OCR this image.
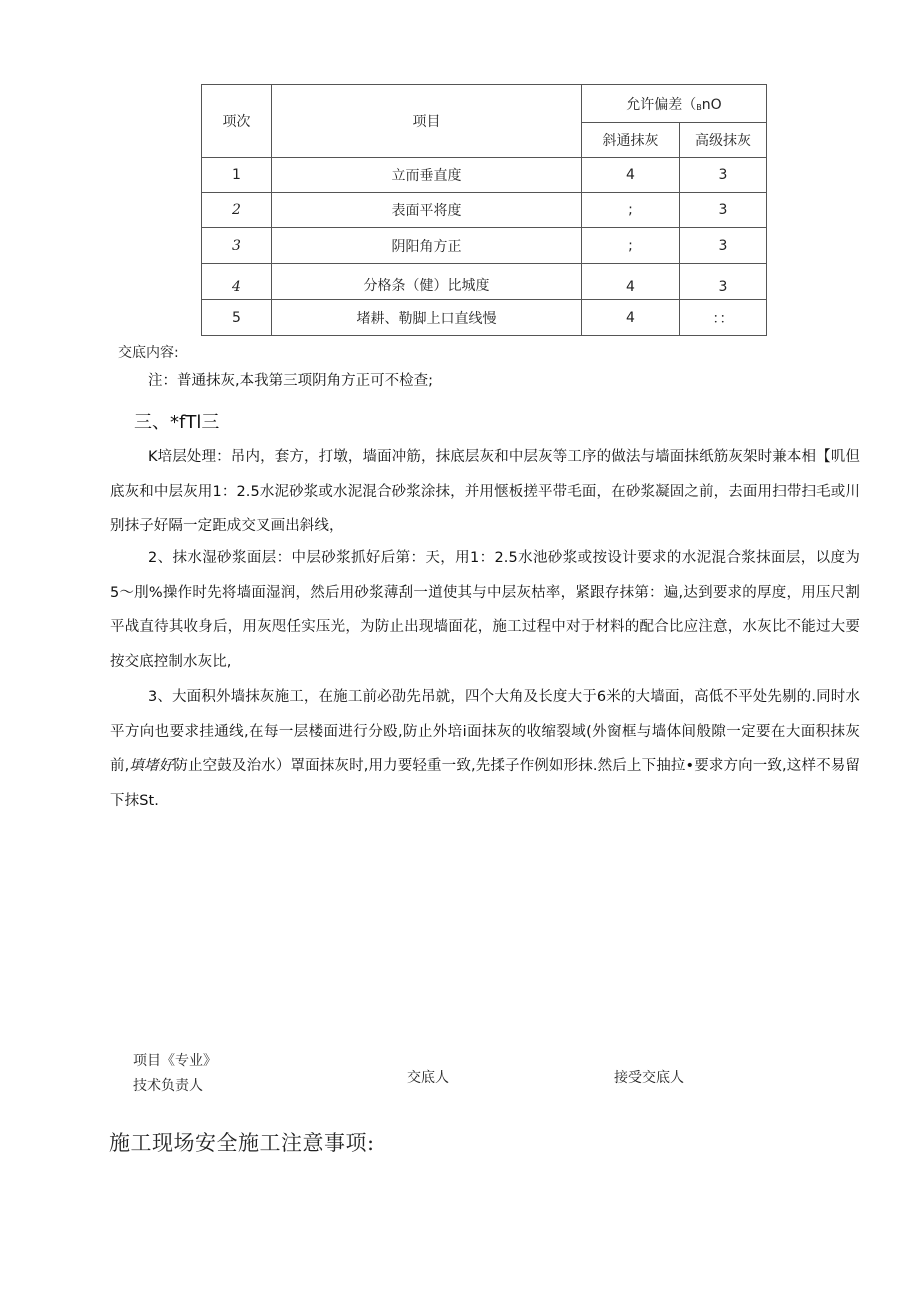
项次	项目	允许偏差（BnO	
		斜通抹灰	高级抹灰
1	立而垂直度	4	3
2	表面平将度	;	3
3	阴阳角方正	;	3
4	分格条（健）比城度	4	3
5	堵耕、勒脚上口直线慢	4	：：
交底内容:
注：普通抹灰,本我第三项阴角方正可不检查;
三、*fTl三
K培层处理：吊内，套方，打墩，墙面冲筋，抹底层灰和中层灰等工序的做法与墙面抹纸筋灰架时兼本相【叽但底灰和中层灰用1：2.5水泥砂浆或水泥混合砂浆涂抹，并用惬板搓平带毛面，在砂浆凝固之前，去面用扫带扫毛或川别抹子好隔一定距成交叉画出斜线，
2、抹水湿砂浆面层：中层砂浆抓好后第：天，用1：2.5水池砂浆或按设计要求的水泥混合浆抹面层，以度为5〜刖%操作时先将墙面湿润，然后用砂浆薄刮一道使其与中层灰枯率，紧跟存抹第：遍,达到要求的厚度，用压尺割平战直待其收身后，用灰咫任实压光，为防止出现墙面花，施工过程中对于材料的配合比应注意，水灰比不能过大要按交底控制水灰比,
3、大面积外墙抹灰施工，在施工前必劭先吊就，四个大角及长度大于6米的大墙面，高低不平处先剔的.同时水平方向也要求挂通线,在每一层楼面进行分殴,防止外培i面抹灰的收缩裂域(外窗框与墙体间般隙一定要在大面积抹灰前,填堵好防止空鼓及治水）罩面抹灰时,用力要轻重一致,先揉子作例如形抹.然后上下抽拉•要求方向一致,这样不易留下抹St.
项目《专业》
技术负责人	交底人	接受交底人
施工现场安全施工注意事项:
